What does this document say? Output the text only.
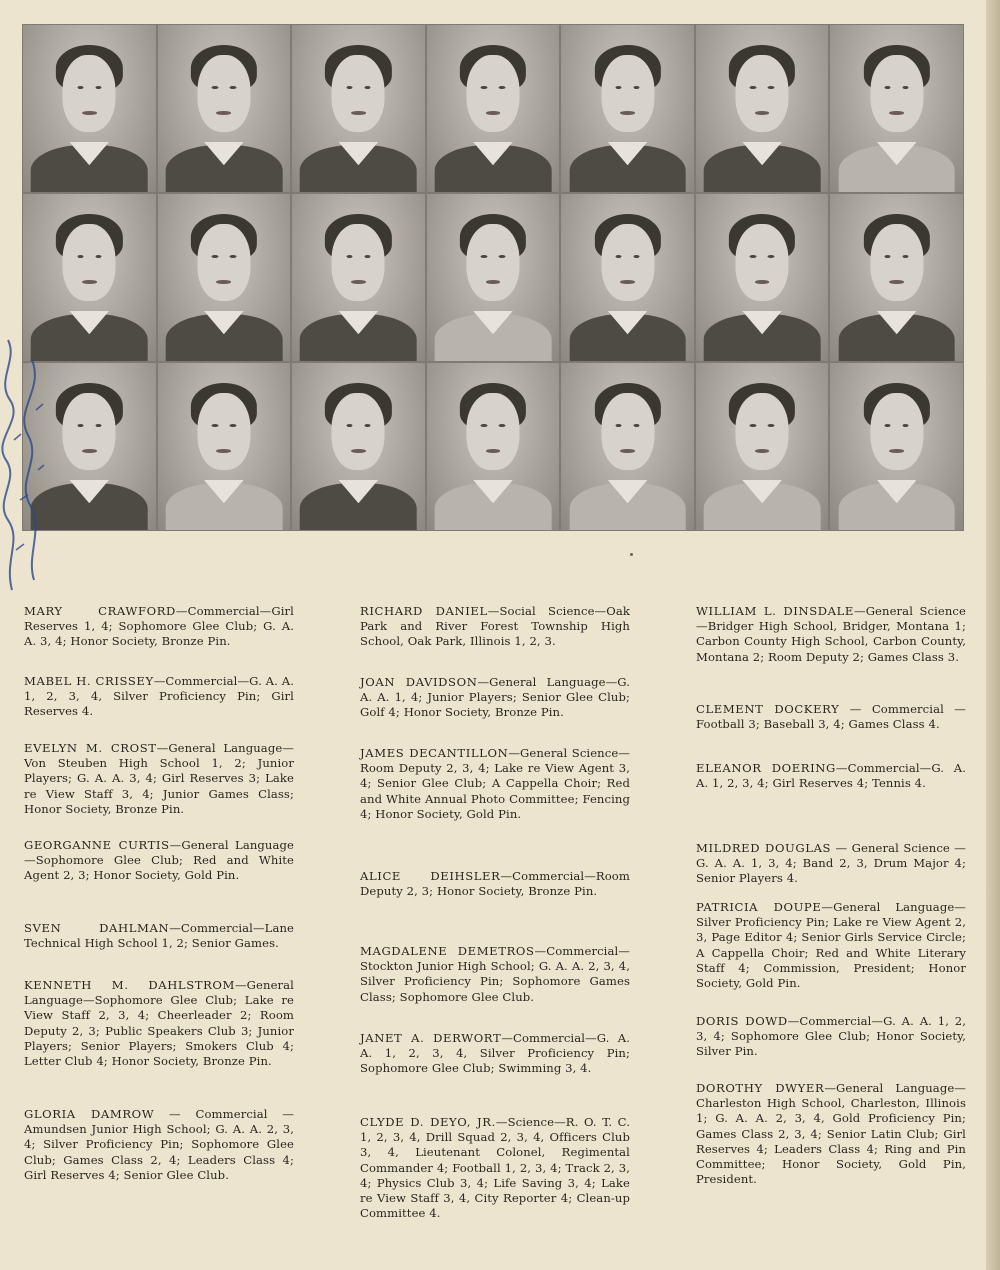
MARY CRAWFORD—Commercial—Girl Reserves 1, 4; Sophomore Glee Club; G. A. A. 3, 4; Honor Society, Bronze Pin.

MABEL H. CRISSEY—Commercial—G. A. A. 1, 2, 3, 4, Silver Proficiency Pin; Girl Reserves 4.

EVELYN M. CROST—General Language—Von Steuben High School 1, 2; Junior Players; G. A. A. 3, 4; Girl Reserves 3; Lake re View Staff 3, 4; Junior Games Class; Honor Society, Bronze Pin.

GEORGANNE CURTIS—General Language—Sophomore Glee Club; Red and White Agent 2, 3; Honor Society, Gold Pin.

SVEN DAHLMAN—Commercial—Lane Technical High School 1, 2; Senior Games.

KENNETH M. DAHLSTROM—General Language—Sophomore Glee Club; Lake re View Staff 2, 3, 4; Cheerleader 2; Room Deputy 2, 3; Public Speakers Club 3; Junior Players; Senior Players; Smokers Club 4; Letter Club 4; Honor Society, Bronze Pin.

GLORIA DAMROW — Commercial — Amundsen Junior High School; G. A. A. 2, 3, 4; Silver Proficiency Pin; Sophomore Glee Club; Games Class 2, 4; Leaders Class 4; Girl Reserves 4; Senior Glee Club.

RICHARD DANIEL—Social Science—Oak Park and River Forest Township High School, Oak Park, Illinois 1, 2, 3.

JOAN DAVIDSON—General Language—G. A. A. 1, 4; Junior Players; Senior Glee Club; Golf 4; Honor Society, Bronze Pin.

JAMES DECANTILLON—General Science—Room Deputy 2, 3, 4; Lake re View Agent 3, 4; Senior Glee Club; A Cappella Choir; Red and White Annual Photo Committee; Fencing 4; Honor Society, Gold Pin.

ALICE DEIHSLER—Commercial—Room Deputy 2, 3; Honor Society, Bronze Pin.

MAGDALENE DEMETROS—Commercial—Stockton Junior High School; G. A. A. 2, 3, 4, Silver Proficiency Pin; Sophomore Games Class; Sophomore Glee Club.

JANET A. DERWORT—Commercial—G. A. A. 1, 2, 3, 4, Silver Proficiency Pin; Sophomore Glee Club; Swimming 3, 4.

CLYDE D. DEYO, JR.—Science—R. O. T. C. 1, 2, 3, 4, Drill Squad 2, 3, 4, Officers Club 3, 4, Lieutenant Colonel, Regimental Commander 4; Football 1, 2, 3, 4; Track 2, 3, 4; Physics Club 3, 4; Life Saving 3, 4; Lake re View Staff 3, 4, City Reporter 4; Clean-up Committee 4.

WILLIAM L. DINSDALE—General Science—Bridger High School, Bridger, Montana 1; Carbon County High School, Carbon County, Montana 2; Room Deputy 2; Games Class 3.

CLEMENT DOCKERY — Commercial — Football 3; Baseball 3, 4; Games Class 4.

ELEANOR DOERING—Commercial—G. A. A. 1, 2, 3, 4; Girl Reserves 4; Tennis 4.

MILDRED DOUGLAS — General Science —G. A. A. 1, 3, 4; Band 2, 3, Drum Major 4; Senior Players 4.

PATRICIA DOUPE—General Language—Silver Proficiency Pin; Lake re View Agent 2, 3, Page Editor 4; Senior Girls Service Circle; A Cappella Choir; Red and White Literary Staff 4; Commission, President; Honor Society, Gold Pin.

DORIS DOWD—Commercial—G. A. A. 1, 2, 3, 4; Sophomore Glee Club; Honor Society, Silver Pin.

DOROTHY DWYER—General Language—Charleston High School, Charleston, Illinois 1; G. A. A. 2, 3, 4, Gold Proficiency Pin; Games Class 2, 3, 4; Senior Latin Club; Girl Reserves 4; Leaders Class 4; Ring and Pin Committee; Honor Society, Gold Pin, President.
